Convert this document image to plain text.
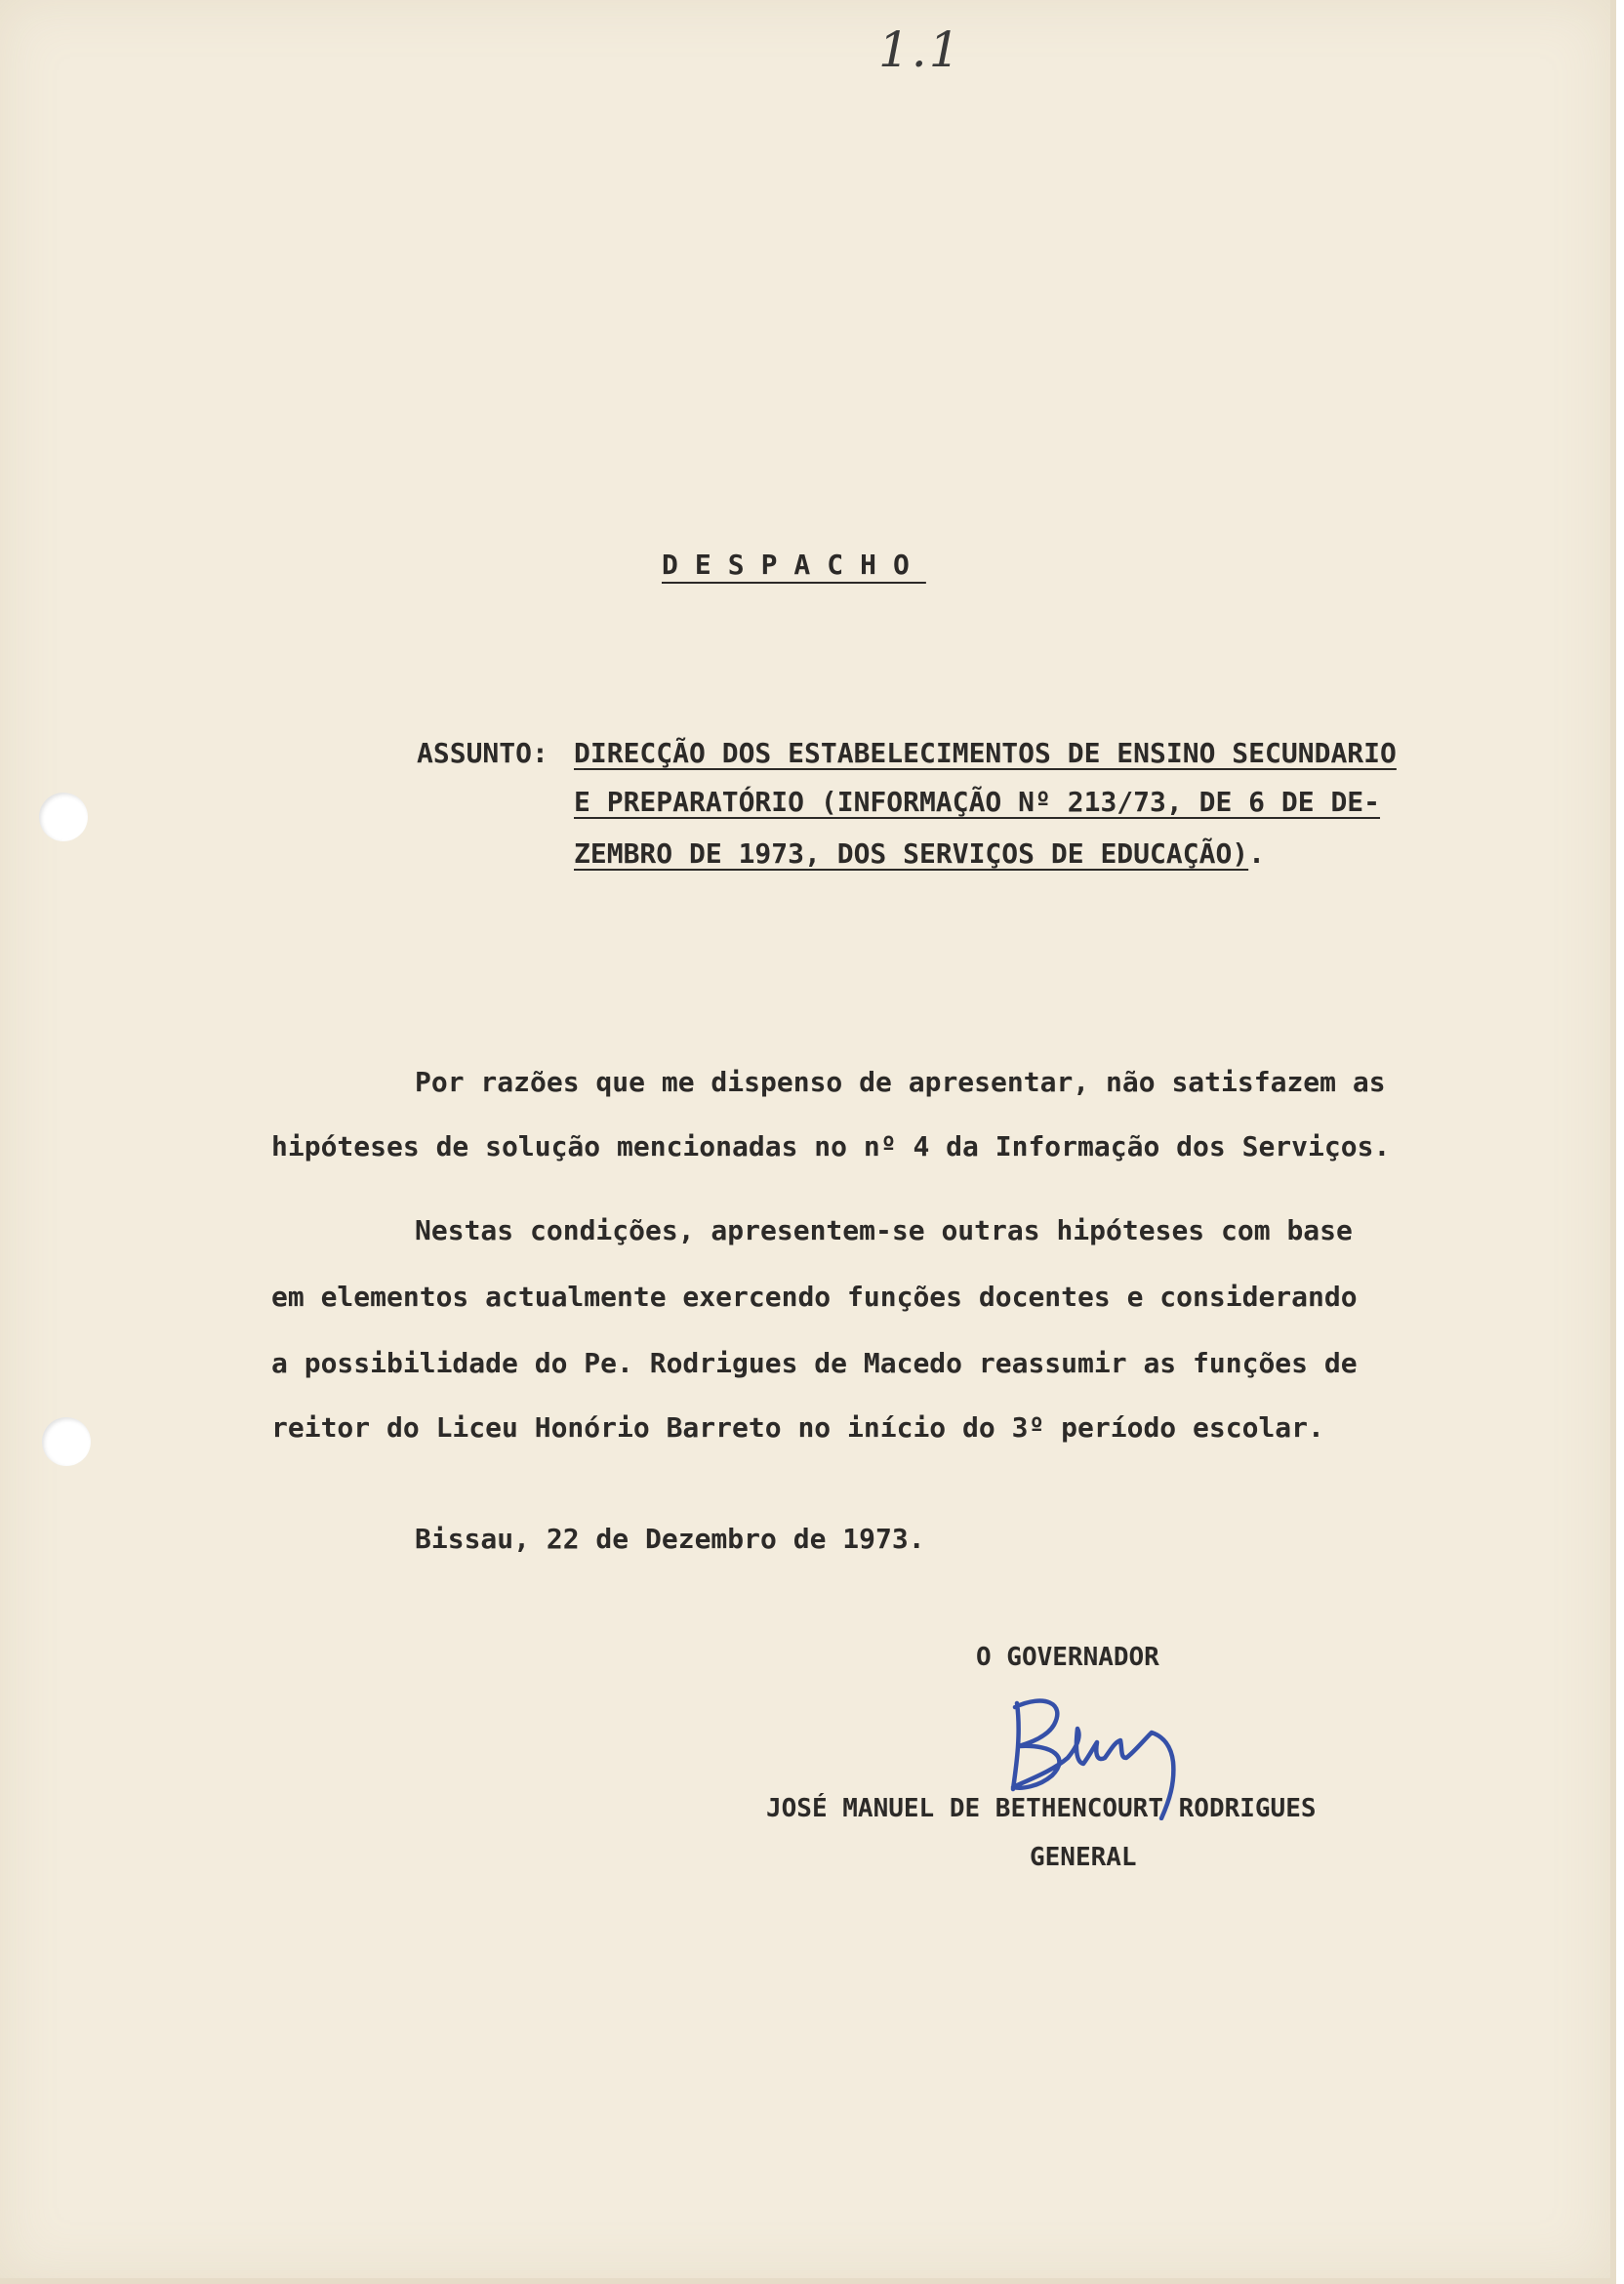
1.1
DESPACHO
ASSUNTO: DIRECÇÃO DOS ESTABELECIMENTOS DE ENSINO SECUNDARIO
E PREPARATÓRIO (INFORMAÇÃO Nº 213/73, DE 6 DE DE-
ZEMBRO DE 1973, DOS SERVIÇOS DE EDUCAÇÃO).
Por razões que me dispenso de apresentar, não satisfazem as
hipóteses de solução mencionadas no nº 4 da Informação dos Serviços.
Nestas condições, apresentem-se outras hipóteses com base
em elementos actualmente exercendo funções docentes e considerando
a possibilidade do Pe. Rodrigues de Macedo reassumir as funções de
reitor do Liceu Honório Barreto no início do 3º período escolar.
Bissau, 22 de Dezembro de 1973.
O GOVERNADOR
JOSÉ MANUEL DE BETHENCOURT RODRIGUES
GENERAL
